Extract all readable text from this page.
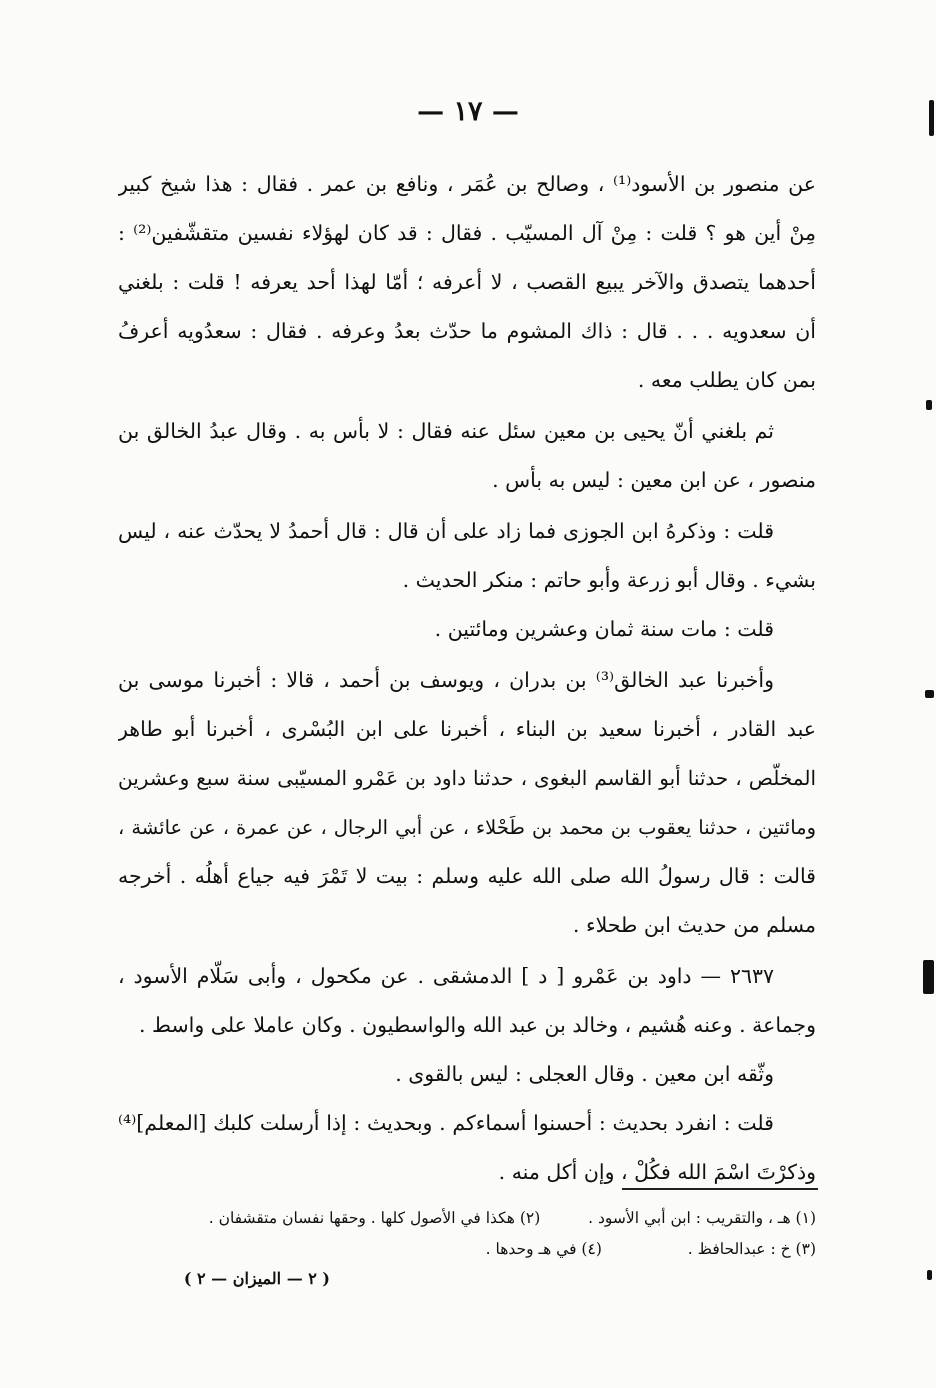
— ١٧ —
عن منصور بن الأسود⁽¹⁾ ، وصالح بن عُمَر ، ونافع بن عمر . فقال : هذا شيخ كبير
مِنْ أين هو ؟ قلت : مِنْ آل المسيّب . فقال : قد كان لهؤلاء نفسين متقشّفين⁽²⁾ :
أحدهما يتصدق والآخر يبيع القصب ، لا أعرفه ؛ أمّا لهذا أحد يعرفه ! قلت : بلغني
أن سعدويه . . . قال : ذاك المشوم ما حدّث بعدُ وعرفه . فقال : سعدُويه أعرفُ
بمن كان يطلب معه .
ثم بلغني أنّ يحيى بن معين سئل عنه فقال : لا بأس به . وقال عبدُ الخالق بن
منصور ، عن ابن معين : ليس به بأس .
قلت : وذكرهُ ابن الجوزى فما زاد على أن قال : قال أحمدُ لا يحدّث عنه ، ليس
بشيء . وقال أبو زرعة وأبو حاتم : منكر الحديث .
قلت : مات سنة ثمان وعشرين ومائتين .
وأخبرنا عبد الخالق⁽³⁾ بن بدران ، ويوسف بن أحمد ، قالا : أخبرنا موسى بن
عبد القادر ، أخبرنا سعيد بن البناء ، أخبرنا على ابن البُسْرى ، أخبرنا أبو طاهر
المخلّص ، حدثنا أبو القاسم البغوى ، حدثنا داود بن عَمْرو المسيّبى سنة سبع وعشرين
ومائتين ، حدثنا يعقوب بن محمد بن طَحْلاء ، عن أبي الرجال ، عن عمرة ، عن عائشة ،
قالت : قال رسولُ الله صلى الله عليه وسلم : بيت لا تَمْرَ فيه جياع أهلُه . أخرجه
مسلم من حديث ابن طحلاء .
٢٦٣٧ — داود بن عَمْرو [ د ] الدمشقى . عن مكحول ، وأبى سَلّام الأسود ،
وجماعة . وعنه هُشيم ، وخالد بن عبد الله والواسطيون . وكان عاملا على واسط .
وثّقه ابن معين . وقال العجلى : ليس بالقوى .
قلت : انفرد بحديث : أحسنوا أسماءكم . وبحديث : إذا أرسلت كلبك [المعلم]⁽⁴⁾
وذكرْتَ اسْمَ الله فكُلْ ، وإن أكل منه .
(١) هـ ، والتقريب : ابن أبي الأسود .  (٢) هكذا في الأصول كلها . وحقها نفسان متقشفان .
(٣) خ : عبدالحافظ .  (٤) في هـ وحدها .
( ٢ — الميزان — ٢ )
